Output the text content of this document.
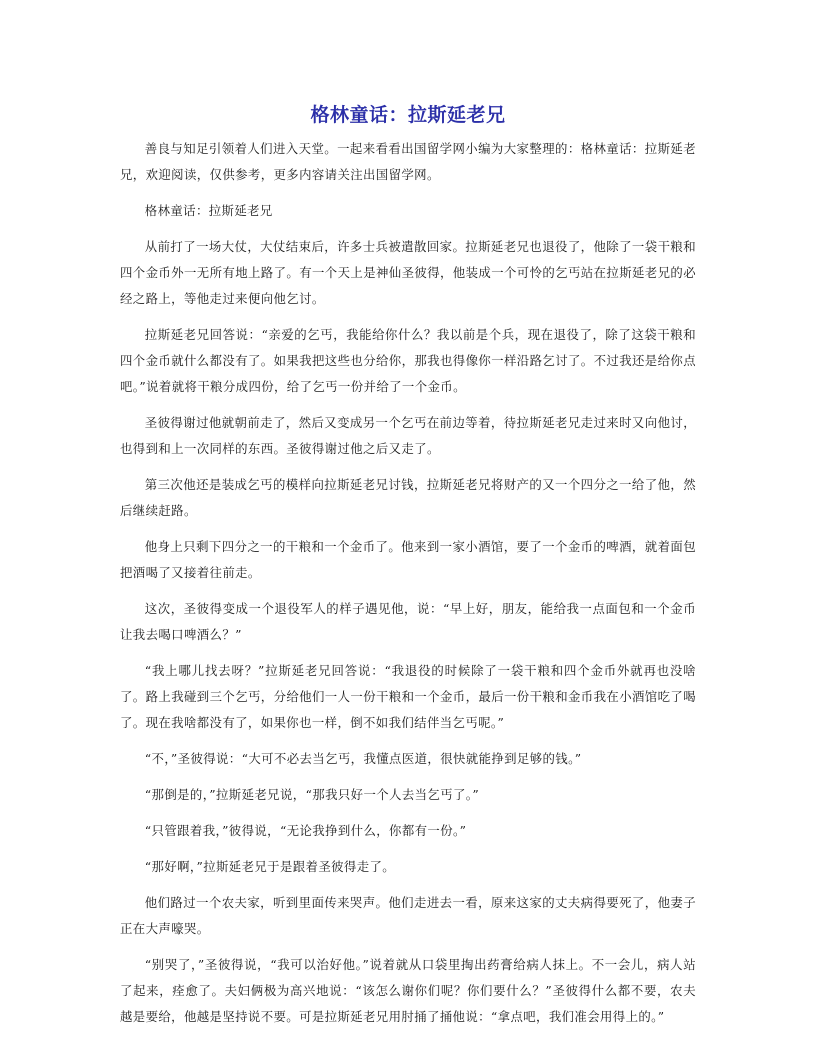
格林童话：拉斯延老兄

善良与知足引领着人们进入天堂。一起来看看出国留学网小编为大家整理的：格林童话：拉斯延老兄，欢迎阅读，仅供参考，更多内容请关注出国留学网。

格林童话：拉斯延老兄

从前打了一场大仗，大仗结束后，许多士兵被遣散回家。拉斯延老兄也退役了，他除了一袋干粮和四个金币外一无所有地上路了。有一个天上是神仙圣彼得，他装成一个可怜的乞丐站在拉斯延老兄的必经之路上，等他走过来便向他乞讨。

拉斯延老兄回答说：“亲爱的乞丐，我能给你什么？我以前是个兵，现在退役了，除了这袋干粮和四个金币就什么都没有了。如果我把这些也分给你，那我也得像你一样沿路乞讨了。不过我还是给你点吧。”说着就将干粮分成四份，给了乞丐一份并给了一个金币。

圣彼得谢过他就朝前走了，然后又变成另一个乞丐在前边等着，待拉斯延老兄走过来时又向他讨，也得到和上一次同样的东西。圣彼得谢过他之后又走了。

第三次他还是装成乞丐的模样向拉斯延老兄讨钱，拉斯延老兄将财产的又一个四分之一给了他，然后继续赶路。

他身上只剩下四分之一的干粮和一个金币了。他来到一家小酒馆，要了一个金币的啤酒，就着面包把酒喝了又接着往前走。

这次，圣彼得变成一个退役军人的样子遇见他，说：“早上好，朋友，能给我一点面包和一个金币让我去喝口啤酒么？”

“我上哪儿找去呀？”拉斯延老兄回答说：“我退役的时候除了一袋干粮和四个金币外就再也没啥了。路上我碰到三个乞丐，分给他们一人一份干粮和一个金币，最后一份干粮和金币我在小酒馆吃了喝了。现在我啥都没有了，如果你也一样，倒不如我们结伴当乞丐呢。”

“不，”圣彼得说：“大可不必去当乞丐，我懂点医道，很快就能挣到足够的钱。”

“那倒是的，”拉斯延老兄说，“那我只好一个人去当乞丐了。”

“只管跟着我，”彼得说，“无论我挣到什么，你都有一份。”

“那好啊，”拉斯延老兄于是跟着圣彼得走了。

他们路过一个农夫家，听到里面传来哭声。他们走进去一看，原来这家的丈夫病得要死了，他妻子正在大声嚎哭。

“别哭了，”圣彼得说，“我可以治好他。”说着就从口袋里掏出药膏给病人抹上。不一会儿，病人站了起来，痊愈了。夫妇俩极为高兴地说：“该怎么谢你们呢？你们要什么？”圣彼得什么都不要，农夫越是要给，他越是坚持说不要。可是拉斯延老兄用肘捅了捅他说：“拿点吧，我们准会用得上的。”
